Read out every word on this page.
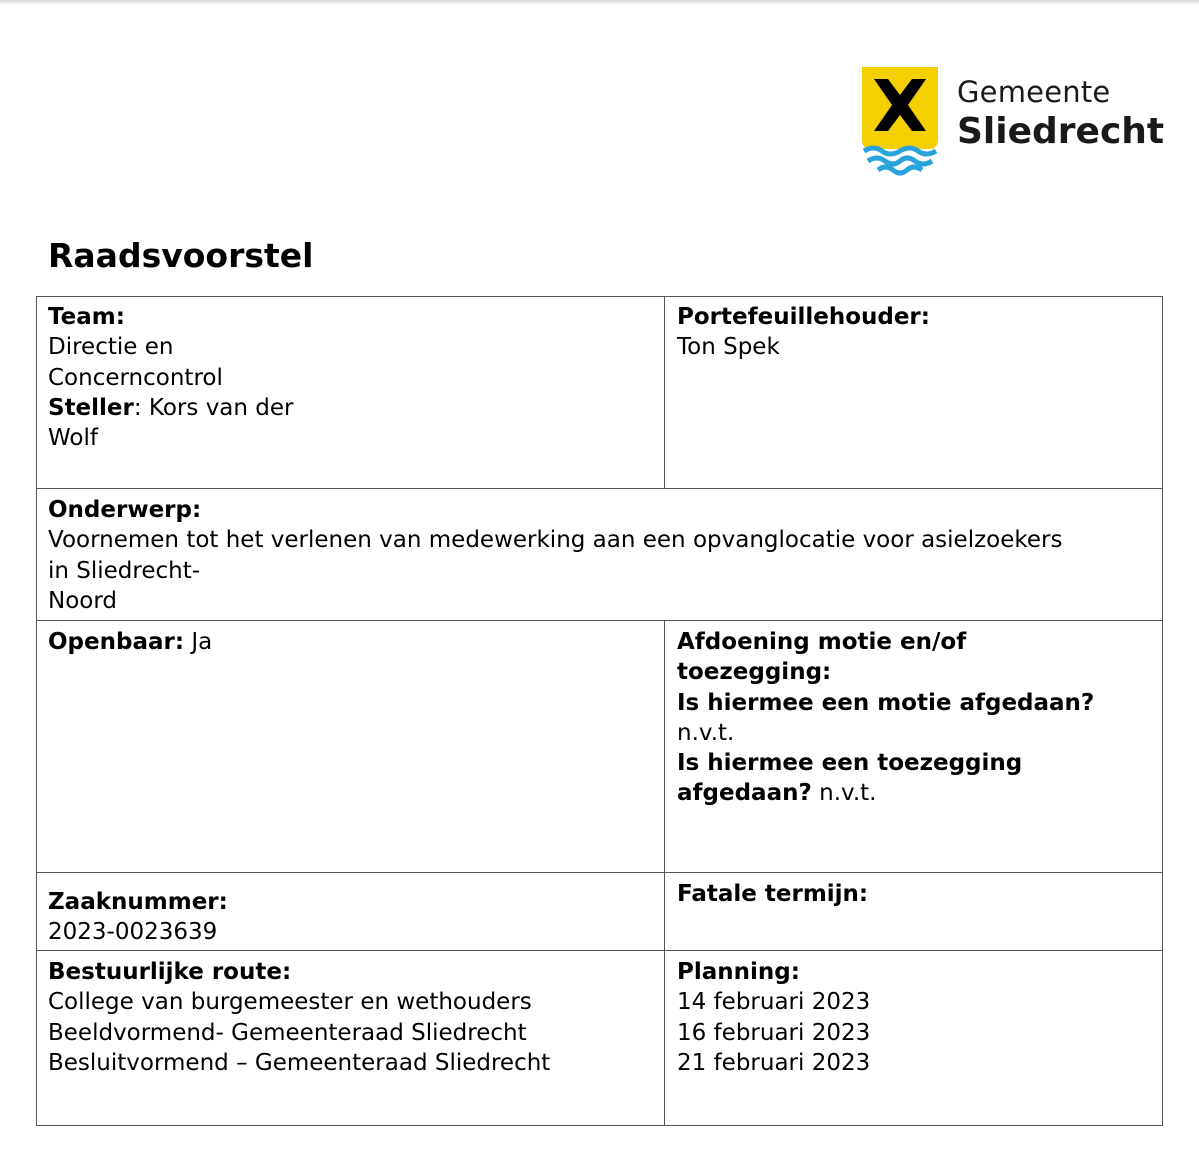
Gemeente
Sliedrecht
Raadsvoorstel
Team:
Directie en
Concerncontrol
Steller: Kors van der
Wolf
Portefeuillehouder:
Ton Spek
Onderwerp:
Voornemen tot het verlenen van medewerking aan een opvanglocatie voor asielzoekers
in Sliedrecht-
Noord
Openbaar: Ja	Afdoening motie en/of
toezegging:
Is hiermee een motie afgedaan?
n.v.t.
Is hiermee een toezegging
afgedaan? n.v.t.
Zaaknummer:
2023-0023639
Fatale termijn:
Bestuurlijke route:
College van burgemeester en wethouders
Beeldvormend- Gemeenteraad Sliedrecht
Besluitvormend – Gemeenteraad Sliedrecht
Planning:
14 februari 2023
16 februari 2023
21 februari 2023
